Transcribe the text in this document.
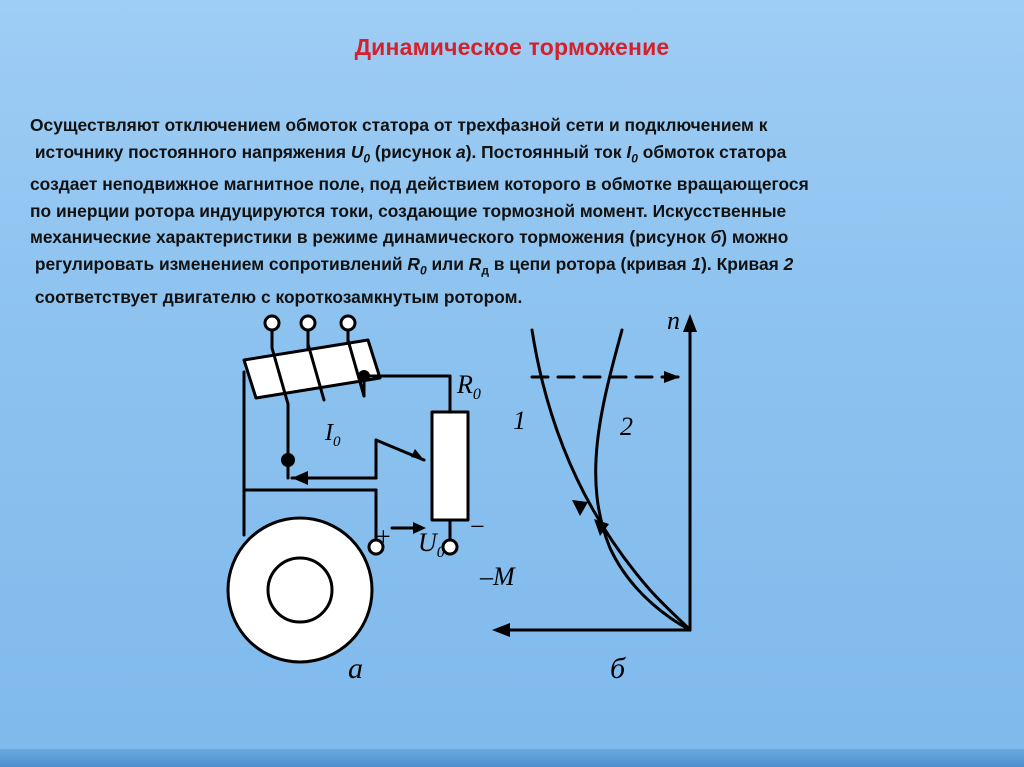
Динамическое торможение

Осуществляют отключением обмоток статора от трехфазной сети и подключением к

источнику постоянного напряжения $U_0$ (рисунок а). Постоянный ток $I_0$ обмоток статора

создает неподвижное магнитное поле, под действием которого в обмотке вращающегося

по инерции ротора индуцируются токи, создающие тормозной момент. Искусственные

механические характеристики в режиме динамического торможения (рисунок б) можно

регулировать изменением сопротивлений $R_0$ или $R_д$ в цепи ротора (кривая 1). Кривая 2

соответствует двигателю с короткозамкнутым ротором.

а	б
$R_0$
$I_0$
$U_0$
+	−
n
–M
1	2
